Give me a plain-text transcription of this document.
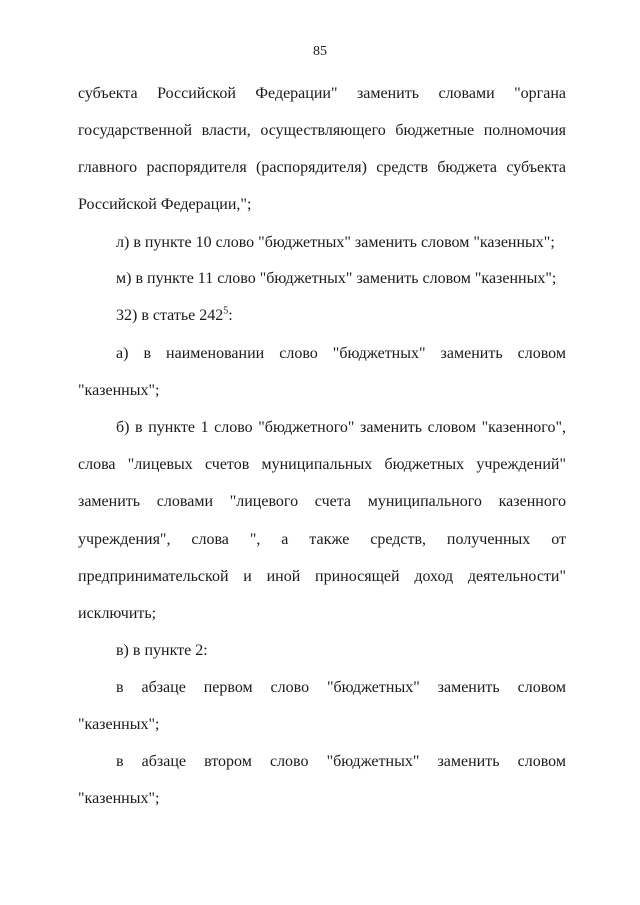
85
субъекта Российской Федерации" заменить словами "органа
государственной власти, осуществляющего бюджетные полномочия
главного распорядителя (распорядителя) средств бюджета субъекта
Российской Федерации,";
л) в пункте 10 слово "бюджетных" заменить словом "казенных";
м) в пункте 11 слово "бюджетных" заменить словом "казенных";
32) в статье $242^5$:
а) в наименовании слово "бюджетных" заменить словом
"казенных";
б) в пункте 1 слово "бюджетного" заменить словом "казенного",
слова "лицевых счетов муниципальных бюджетных учреждений"
заменить словами "лицевого счета муниципального казенного
учреждения", слова ", а также средств, полученных от
предпринимательской и иной приносящей доход деятельности"
исключить;
в) в пункте 2:
в абзаце первом слово "бюджетных" заменить словом
"казенных";
в абзаце втором слово "бюджетных" заменить словом
"казенных";
